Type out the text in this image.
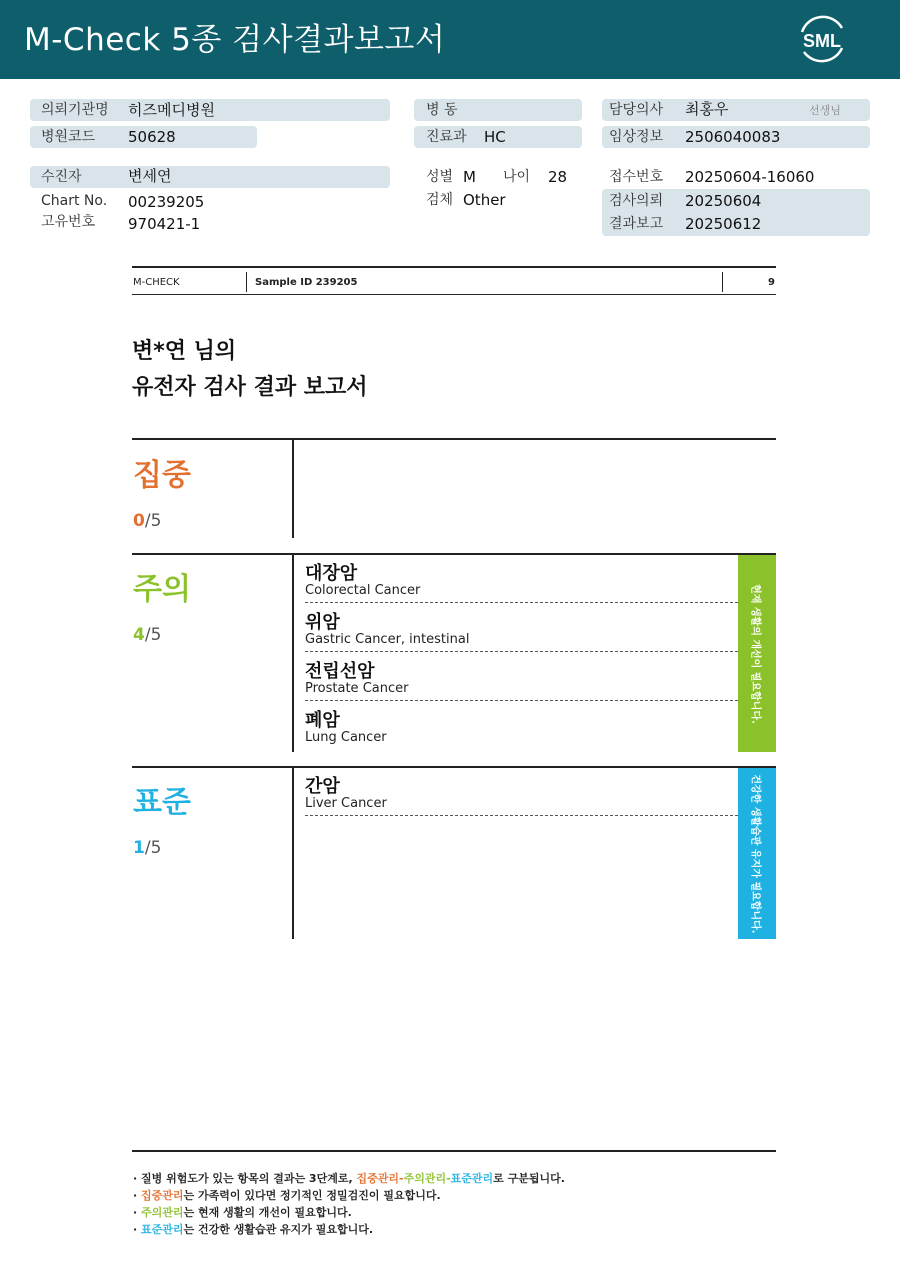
M-Check 5종 검사결과보고서	SML
의뢰기관명 히즈메디병원
병원코드 50628
병 동
진료과 HC
담당의사 최홍우	선생님
임상정보 2506040083
수진자	변세연
Chart No. 00239205
고유번호 970421-1
성별 M 나이 28
검체 Other
접수번호 20250604-16060
검사의뢰 20250604
결과보고 20250612
M-CHECK	Sample ID 239205	9
변*연 님의
유전자 검사 결과 보고서
집중
0/5
주의
4/5
대장암
Colorectal Cancer
위암
Gastric Cancer, intestinal
전립선암
Prostate Cancer
폐암
Lung Cancer
현재 생활의 개선이 필요합니다.
표준
1/5
간암
Liver Cancer	건강한 생활습관 유지가 필요합니다.
· 질병 위험도가 있는 항목의 결과는 3단계로, 집중관리-주의관리-표준관리로 구분됩니다.
· 집중관리는 가족력이 있다면 정기적인 정밀검진이 필요합니다.
· 주의관리는 현재 생활의 개선이 필요합니다.
· 표준관리는 건강한 생활습관 유지가 필요합니다.
